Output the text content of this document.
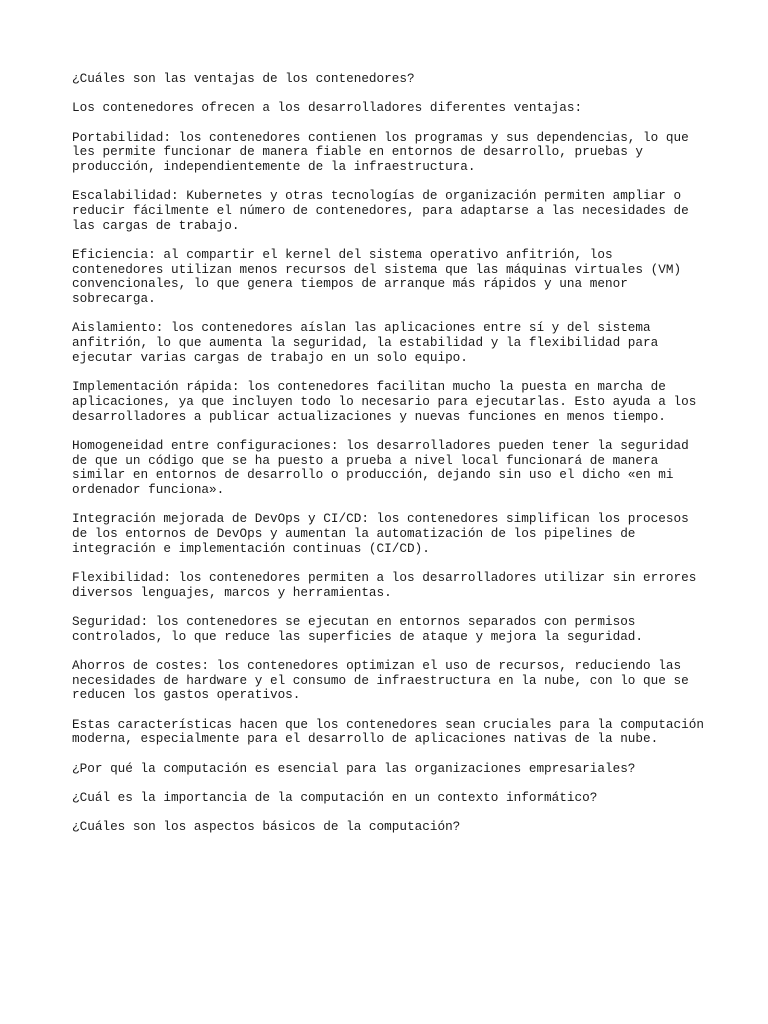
¿Cuáles son las ventajas de los contenedores?

Los contenedores ofrecen a los desarrolladores diferentes ventajas:

Portabilidad: los contenedores contienen los programas y sus dependencias, lo que
les permite funcionar de manera fiable en entornos de desarrollo, pruebas y
producción, independientemente de la infraestructura.

Escalabilidad: Kubernetes y otras tecnologías de organización permiten ampliar o
reducir fácilmente el número de contenedores, para adaptarse a las necesidades de
las cargas de trabajo.

Eficiencia: al compartir el kernel del sistema operativo anfitrión, los
contenedores utilizan menos recursos del sistema que las máquinas virtuales (VM)
convencionales, lo que genera tiempos de arranque más rápidos y una menor
sobrecarga.

Aislamiento: los contenedores aíslan las aplicaciones entre sí y del sistema
anfitrión, lo que aumenta la seguridad, la estabilidad y la flexibilidad para
ejecutar varias cargas de trabajo en un solo equipo.

Implementación rápida: los contenedores facilitan mucho la puesta en marcha de
aplicaciones, ya que incluyen todo lo necesario para ejecutarlas. Esto ayuda a los
desarrolladores a publicar actualizaciones y nuevas funciones en menos tiempo.

Homogeneidad entre configuraciones: los desarrolladores pueden tener la seguridad
de que un código que se ha puesto a prueba a nivel local funcionará de manera
similar en entornos de desarrollo o producción, dejando sin uso el dicho «en mi
ordenador funciona».

Integración mejorada de DevOps y CI/CD: los contenedores simplifican los procesos
de los entornos de DevOps y aumentan la automatización de los pipelines de
integración e implementación continuas (CI/CD).

Flexibilidad: los contenedores permiten a los desarrolladores utilizar sin errores
diversos lenguajes, marcos y herramientas.

Seguridad: los contenedores se ejecutan en entornos separados con permisos
controlados, lo que reduce las superficies de ataque y mejora la seguridad.

Ahorros de costes: los contenedores optimizan el uso de recursos, reduciendo las
necesidades de hardware y el consumo de infraestructura en la nube, con lo que se
reducen los gastos operativos.

Estas características hacen que los contenedores sean cruciales para la computación
moderna, especialmente para el desarrollo de aplicaciones nativas de la nube.

¿Por qué la computación es esencial para las organizaciones empresariales?

¿Cuál es la importancia de la computación en un contexto informático?

¿Cuáles son los aspectos básicos de la computación?
